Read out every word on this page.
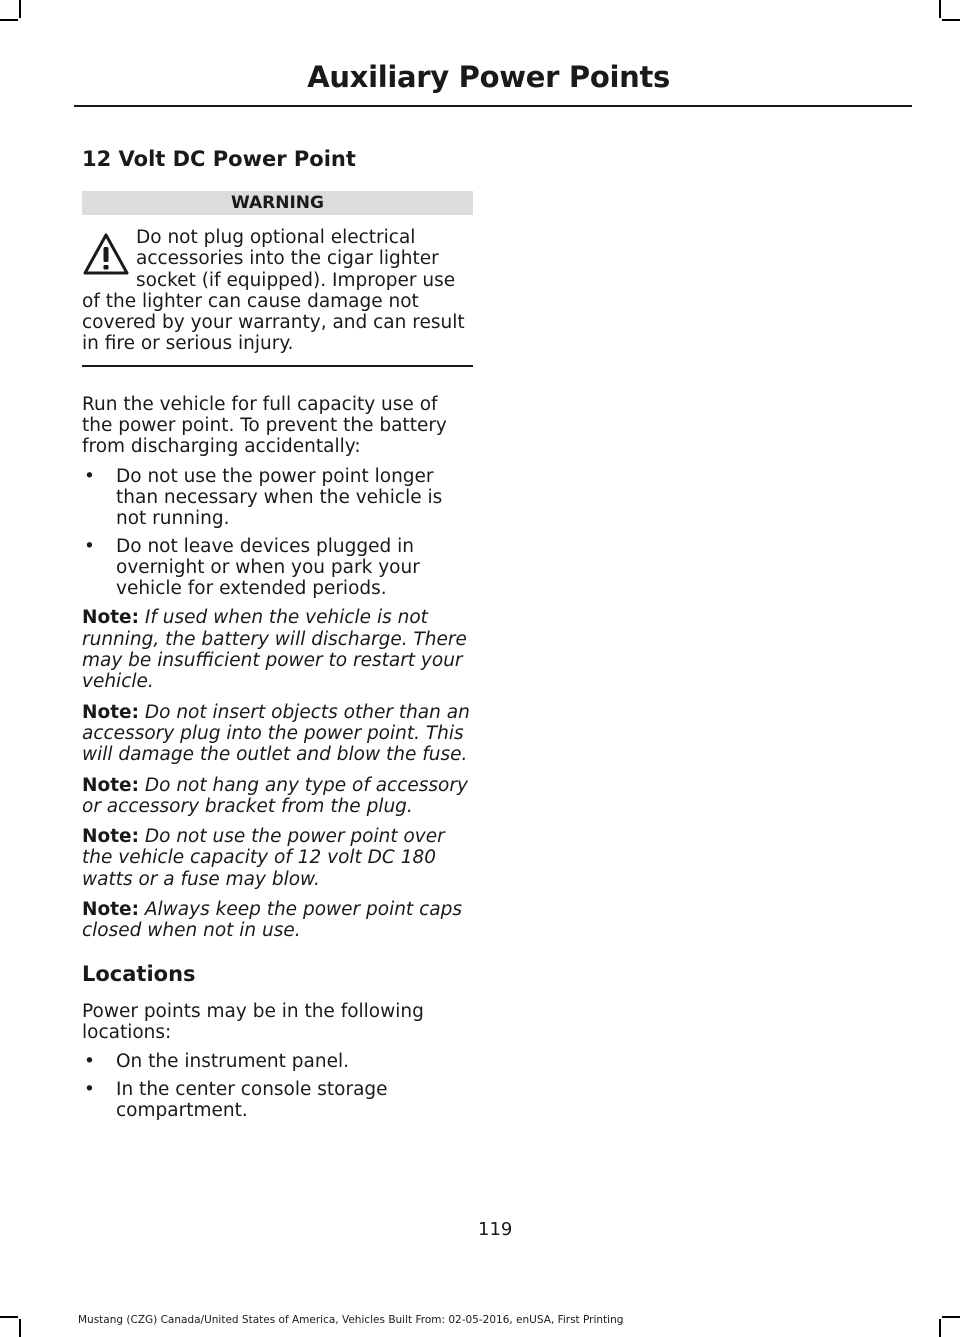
Auxiliary Power Points
12 Volt DC Power Point
WARNING

Do not plug optional electrical accessories into the cigar lighter socket (if equipped). Improper use of the lighter can cause damage not covered by your warranty, and can result in fire or serious injury.

Run the vehicle for full capacity use of the power point. To prevent the battery from discharging accidentally:

• Do not use the power point longer than necessary when the vehicle is not running.
• Do not leave devices plugged in overnight or when you park your vehicle for extended periods.

Note: If used when the vehicle is not running, the battery will discharge. There may be insufficient power to restart your vehicle.

Note: Do not insert objects other than an accessory plug into the power point. This will damage the outlet and blow the fuse.

Note: Do not hang any type of accessory or accessory bracket from the plug.

Note: Do not use the power point over the vehicle capacity of 12 volt DC 180 watts or a fuse may blow.

Note: Always keep the power point caps closed when not in use.

Locations

Power points may be in the following locations:

• On the instrument panel.
• In the center console storage compartment.
119
Mustang (CZG) Canada/United States of America, Vehicles Built From: 02-05-2016, enUSA, First Printing
